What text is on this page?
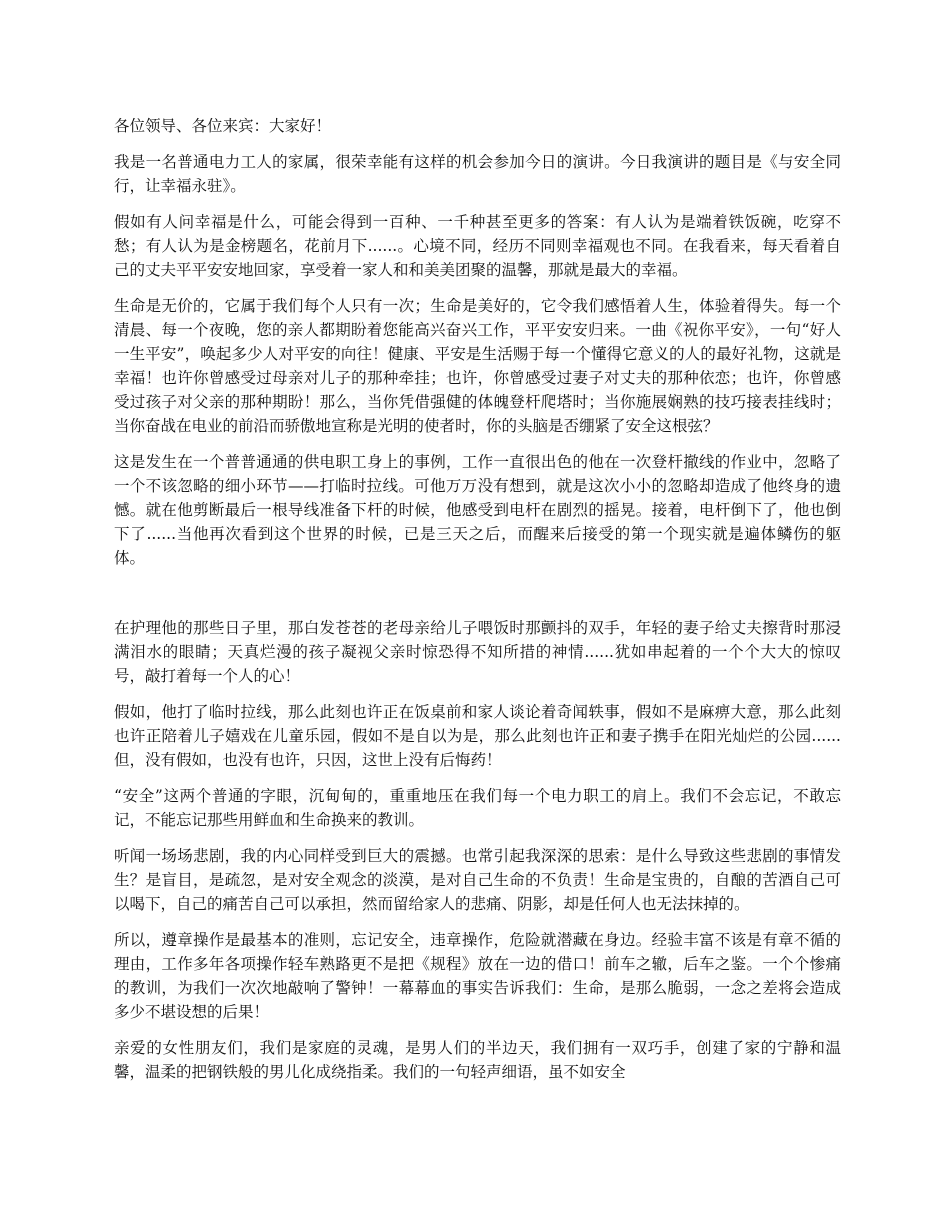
各位领导、各位来宾：大家好！

我是一名普通电力工人的家属，很荣幸能有这样的机会参加今日的演讲。今日我演讲的题目是《与安全同行，让幸福永驻》。

假如有人问幸福是什么，可能会得到一百种、一千种甚至更多的答案：有人认为是端着铁饭碗，吃穿不愁；有人认为是金榜题名，花前月下......。心境不同，经历不同则幸福观也不同。在我看来，每天看着自己的丈夫平平安安地回家，享受着一家人和和美美团聚的温馨，那就是最大的幸福。

生命是无价的，它属于我们每个人只有一次；生命是美好的，它令我们感悟着人生，体验着得失。每一个清晨、每一个夜晚，您的亲人都期盼着您能高兴奋兴工作，平平安安归来。一曲《祝你平安》，一句“好人一生平安”，唤起多少人对平安的向往！健康、平安是生活赐于每一个懂得它意义的人的最好礼物，这就是幸福！也许你曾感受过母亲对儿子的那种牵挂；也许，你曾感受过妻子对丈夫的那种依恋；也许，你曾感受过孩子对父亲的那种期盼！那么，当你凭借强健的体魄登杆爬塔时；当你施展娴熟的技巧接表挂线时；当你奋战在电业的前沿而骄傲地宣称是光明的使者时，你的头脑是否绷紧了安全这根弦？

这是发生在一个普普通通的供电职工身上的事例，工作一直很出色的他在一次登杆撤线的作业中，忽略了一个不该忽略的细小环节——打临时拉线。可他万万没有想到，就是这次小小的忽略却造成了他终身的遗憾。就在他剪断最后一根导线准备下杆的时候，他感受到电杆在剧烈的摇晃。接着，电杆倒下了，他也倒下了......当他再次看到这个世界的时候，已是三天之后，而醒来后接受的第一个现实就是遍体鳞伤的躯体。

在护理他的那些日子里，那白发苍苍的老母亲给儿子喂饭时那颤抖的双手，年轻的妻子给丈夫擦背时那浸满泪水的眼睛；天真烂漫的孩子凝视父亲时惊恐得不知所措的神情......犹如串起着的一个个大大的惊叹号，敲打着每一个人的心！

假如，他打了临时拉线，那么此刻也许正在饭桌前和家人谈论着奇闻轶事，假如不是麻痹大意，那么此刻也许正陪着儿子嬉戏在儿童乐园，假如不是自以为是，那么此刻也许正和妻子携手在阳光灿烂的公园......但，没有假如，也没有也许，只因，这世上没有后悔药！

“安全”这两个普通的字眼，沉甸甸的，重重地压在我们每一个电力职工的肩上。我们不会忘记，不敢忘记，不能忘记那些用鲜血和生命换来的教训。

听闻一场场悲剧，我的内心同样受到巨大的震撼。也常引起我深深的思索：是什么导致这些悲剧的事情发生？是盲目，是疏忽，是对安全观念的淡漠，是对自己生命的不负责！生命是宝贵的，自酿的苦酒自己可以喝下，自己的痛苦自己可以承担，然而留给家人的悲痛、阴影，却是任何人也无法抹掉的。

所以，遵章操作是最基本的准则，忘记安全，违章操作，危险就潜藏在身边。经验丰富不该是有章不循的理由，工作多年各项操作轻车熟路更不是把《规程》放在一边的借口！前车之辙，后车之鉴。一个个惨痛的教训，为我们一次次地敲响了警钟！一幕幕血的事实告诉我们：生命，是那么脆弱，一念之差将会造成多少不堪设想的后果！

亲爱的女性朋友们，我们是家庭的灵魂，是男人们的半边天，我们拥有一双巧手，创建了家的宁静和温馨，温柔的把钢铁般的男儿化成绕指柔。我们的一句轻声细语，虽不如安全
